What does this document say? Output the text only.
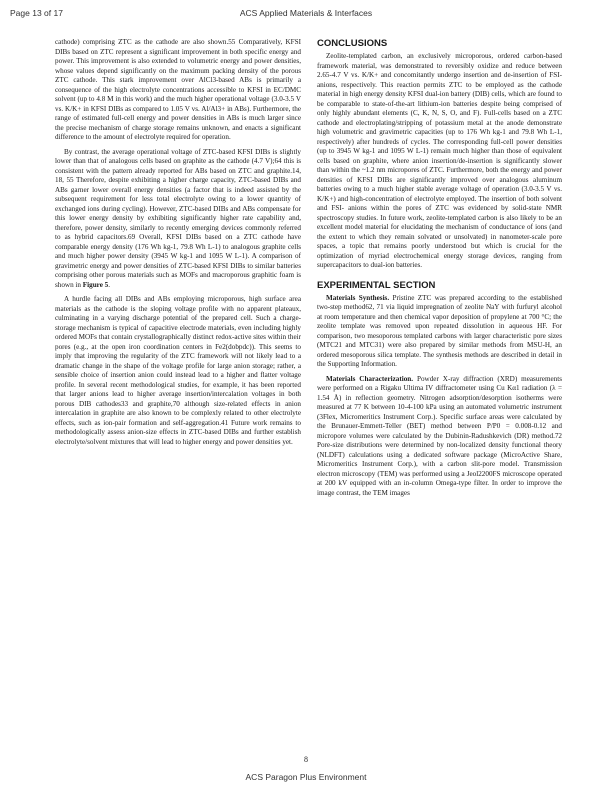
Page 13 of 17	ACS Applied Materials & Interfaces

cathode) comprising ZTC as the cathode are also shown.55 Comparatively, KFSI DIBs based on ZTC represent a significant improvement in both specific energy and power. This improvement is also extended to volumetric energy and power densities, whose values depend significantly on the maximum packing density of the porous ZTC cathode. This stark improvement over AlCl3-based ABs is primarily a consequence of the high electrolyte concentrations accessible to KFSI in EC/DMC solvent (up to 4.8 M in this work) and the much higher operational voltage (3.0-3.5 V vs. K/K+ in KFSI DIBs as compared to 1.05 V vs. Al/Al3+ in ABs). Furthermore, the range of estimated full-cell energy and power densities in ABs is much larger since the precise mechanism of charge storage remains unknown, and enacts a significant difference to the amount of electrolyte required for operation.

By contrast, the average operational voltage of ZTC-based KFSI DIBs is slightly lower than that of analogous cells based on graphite as the cathode (4.7 V);64 this is consistent with the pattern already reported for ABs based on ZTC and graphite.14, 18, 55 Therefore, despite exhibiting a higher charge capacity, ZTC-based DIBs and ABs garner lower overall energy densities (a factor that is indeed assisted by the subsequent requirement for less total electrolyte owing to a lower quantity of exchanged ions during cycling). However, ZTC-based DIBs and ABs compensate for this lower energy density by exhibiting significantly higher rate capability and, therefore, power density, similarly to recently emerging devices commonly referred to as hybrid capacitors.69 Overall, KFSI DIBs based on a ZTC cathode have comparable energy density (176 Wh kg-1, 79.8 Wh L-1) to analogous graphite cells and much higher power density (3945 W kg-1 and 1095 W L-1). A comparison of gravimetric energy and power densities of ZTC-based KFSI DIBs to similar batteries comprising other porous materials such as MOFs and macroporous graphitic foam is shown in Figure 5.

A hurdle facing all DIBs and ABs employing microporous, high surface area materials as the cathode is the sloping voltage profile with no apparent plateaux, culminating in a varying discharge potential of the prepared cell. Such a charge-storage mechanism is typical of capacitive electrode materials, even including highly ordered MOFs that contain crystallographically distinct redox-active sites within their pores (e.g., at the open iron coordination centers in Fe2(dobpdc)). This seems to imply that improving the regularity of the ZTC framework will not likely lead to a dramatic change in the shape of the voltage profile for large anion storage; rather, a sensible choice of insertion anion could instead lead to a higher and flatter voltage profile. In several recent methodological studies, for example, it has been reported that larger anions lead to higher average insertion/intercalation voltages in both porous DIB cathodes33 and graphite,70 although size-related effects in anion intercalation in graphite are also known to be complexly related to other electrolyte effects, such as ion-pair formation and self-aggregation.41 Future work remains to methodologically assess anion-size effects in ZTC-based DIBs and further establish electrolyte/solvent mixtures that will lead to higher energy and power densities yet.

CONCLUSIONS

Zeolite-templated carbon, an exclusively microporous, ordered carbon-based framework material, was demonstrated to reversibly oxidize and reduce between 2.65-4.7 V vs. K/K+ and concomitantly undergo insertion and de-insertion of FSI- anions, respectively. This reaction permits ZTC to be employed as the cathode material in high energy density KFSI dual-ion battery (DIB) cells, which are found to be comparable to state-of-the-art lithium-ion batteries despite being comprised of only highly abundant elements (C, K, N, S, O, and F). Full-cells based on a ZTC cathode and electroplating/stripping of potassium metal at the anode demonstrate high volumetric and gravimetric capacities (up to 176 Wh kg-1 and 79.8 Wh L-1, respectively) after hundreds of cycles. The corresponding full-cell power densities (up to 3945 W kg-1 and 1095 W L-1) remain much higher than those of equivalent cells based on graphite, where anion insertion/de-insertion is significantly slower than within the ~1.2 nm micropores of ZTC. Furthermore, both the energy and power densities of KFSI DIBs are significantly improved over analogous aluminum batteries owing to a much higher stable average voltage of operation (3.0-3.5 V vs. K/K+) and high-concentration of electrolyte employed. The insertion of both solvent and FSI- anions within the pores of ZTC was evidenced by solid-state NMR spectroscopy studies. In future work, zeolite-templated carbon is also likely to be an excellent model material for elucidating the mechanism of conductance of ions (and the extent to which they remain solvated or unsolvated) in nanometer-scale pore spaces, a topic that remains poorly understood but which is crucial for the optimization of myriad electrochemical energy storage devices, ranging from supercapacitors to dual-ion batteries.

EXPERIMENTAL SECTION

Materials Synthesis. Pristine ZTC was prepared according to the established two-step method62, 71 via liquid impregnation of zeolite NaY with furfuryl alcohol at room temperature and then chemical vapor deposition of propylene at 700 °C; the zeolite template was removed upon repeated dissolution in aqueous HF. For comparison, two mesoporous templated carbons with larger characteristic pore sizes (MTC21 and MTC31) were also prepared by similar methods from MSU-H, an ordered mesoporous silica template. The synthesis methods are described in detail in the Supporting Information.

Materials Characterization. Powder X-ray diffraction (XRD) measurements were performed on a Rigaku Ultima IV diffractometer using Cu Kα1 radiation (λ = 1.54 Å) in reflection geometry. Nitrogen adsorption/desorption isotherms were measured at 77 K between 10-4-100 kPa using an automated volumetric instrument (3Flex, Micromeritics Instrument Corp.). Specific surface areas were calculated by the Brunauer-Emmett-Teller (BET) method between P/P0 = 0.008-0.12 and micropore volumes were calculated by the Dubinin-Radushkevich (DR) method.72 Pore-size distributions were determined by non-localized density functional theory (NLDFT) calculations using a dedicated software package (MicroActive Share, Micromeritics Instrument Corp.), with a carbon slit-pore model. Transmission electron microscopy (TEM) was performed using a Jeol2200FS microscope operated at 200 kV equipped with an in-column Omega-type filter. In order to improve the image contrast, the TEM images

8
ACS Paragon Plus Environment
